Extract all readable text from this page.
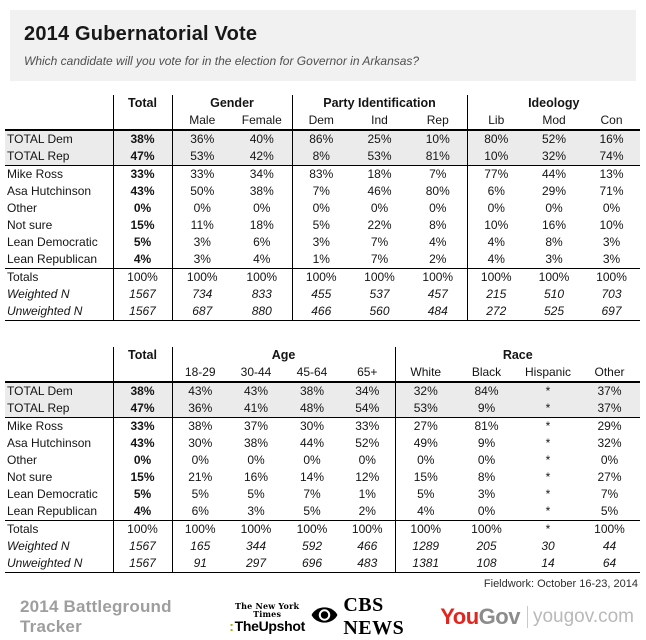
2014 Gubernatorial Vote
Which candidate will you vote for in the election for Governor in Arkansas?
	Total	Gender		Party Identification			Ideology		
		Male	Female	Dem	Ind	Rep	Lib	Mod	Con
TOTAL Dem	38%	36%	40%	86%	25%	10%	80%	52%	16%
TOTAL Rep	47%	53%	42%	8%	53%	81%	10%	32%	74%
Mike Ross	33%	33%	34%	83%	18%	7%	77%	44%	13%
Asa Hutchinson	43%	50%	38%	7%	46%	80%	6%	29%	71%
Other	0%	0%	0%	0%	0%	0%	0%	0%	0%
Not sure	15%	11%	18%	5%	22%	8%	10%	16%	10%
Lean Democratic	5%	3%	6%	3%	7%	4%	4%	8%	3%
Lean Republican	4%	3%	4%	1%	7%	2%	4%	3%	3%
Totals	100%	100%	100%	100%	100%	100%	100%	100%	100%
Weighted N	1567	734	833	455	537	457	215	510	703
Unweighted N	1567	687	880	466	560	484	272	525	697
	Total	Age				Race			
		18-29	30-44	45-64	65+	White	Black	Hispanic	Other
TOTAL Dem	38%	43%	43%	38%	34%	32%	84%	*	37%
TOTAL Rep	47%	36%	41%	48%	54%	53%	9%	*	37%
Mike Ross	33%	38%	37%	30%	33%	27%	81%	*	29%
Asa Hutchinson	43%	30%	38%	44%	52%	49%	9%	*	32%
Other	0%	0%	0%	0%	0%	0%	0%	*	0%
Not sure	15%	21%	16%	14%	12%	15%	8%	*	27%
Lean Democratic	5%	5%	5%	7%	1%	5%	3%	*	7%
Lean Republican	4%	6%	3%	5%	2%	4%	0%	*	5%
Totals	100%	100%	100%	100%	100%	100%	100%	*	100%
Weighted N	1567	165	344	592	466	1289	205	30	44
Unweighted N	1567	91	297	696	483	1381	108	14	64
Fieldwork: October 16-23, 2014
2014 Battleground Tracker
The New York Times
:TheUpshot
CBS NEWS	You Gov yougov.com
